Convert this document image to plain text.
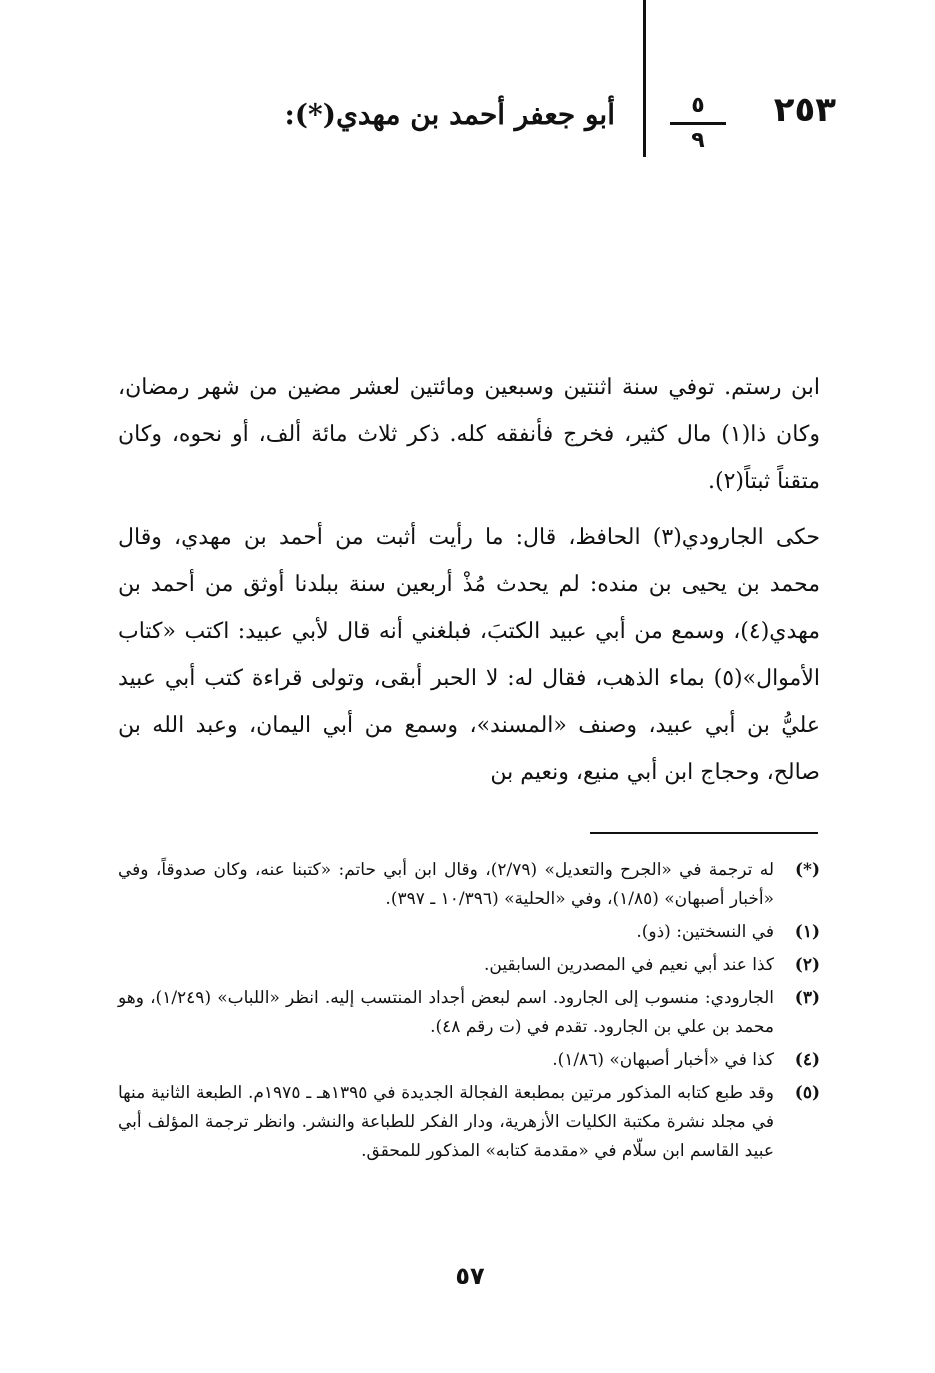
٢٥٣
٥
٩
أبو جعفر أحمد بن مهدي(*):

ابن رستم. توفي سنة اثنتين وسبعين ومائتين لعشر مضين من شهر رمضان، وكان ذا(١) مال كثير، فخرج فأنفقه كله. ذكر ثلاث مائة ألف، أو نحوه، وكان متقناً ثبتاً(٢).

حكى الجارودي(٣) الحافظ، قال: ما رأيت أثبت من أحمد بن مهدي، وقال محمد بن يحيى بن منده: لم يحدث مُذْ أربعين سنة ببلدنا أوثق من أحمد بن مهدي(٤)، وسمع من أبي عبيد الكتبَ، فبلغني أنه قال لأبي عبيد: اكتب «كتاب الأموال»(٥) بماء الذهب، فقال له: لا الحبر أبقى، وتولى قراءة كتب أبي عبيد عليُّ بن أبي عبيد، وصنف «المسند»، وسمع من أبي اليمان، وعبد الله بن صالح، وحجاج ابن أبي منيع، ونعيم بن

(*)
له ترجمة في «الجرح والتعديل» (٢/٧٩)، وقال ابن أبي حاتم: «كتبنا عنه، وكان صدوقاً، وفي «أخبار أصبهان» (١/٨٥)، وفي «الحلية» (١٠/٣٩٦ ـ ٣٩٧).
(١)
في النسختين: (ذو).
(٢)
كذا عند أبي نعيم في المصدرين السابقين.
(٣)
الجارودي: منسوب إلى الجارود. اسم لبعض أجداد المنتسب إليه. انظر «اللباب» (١/٢٤٩)، وهو محمد بن علي بن الجارود. تقدم في (ت رقم ٤٨).
(٤)
كذا في «أخبار أصبهان» (١/٨٦).
(٥)
وقد طبع كتابه المذكور مرتين بمطبعة الفجالة الجديدة في ١٣٩٥هـ ـ ١٩٧٥م. الطبعة الثانية منها في مجلد نشرة مكتبة الكليات الأزهرية، ودار الفكر للطباعة والنشر. وانظر ترجمة المؤلف أبي عبيد القاسم ابن سلّام في «مقدمة كتابه» المذكور للمحقق.
٥٧
